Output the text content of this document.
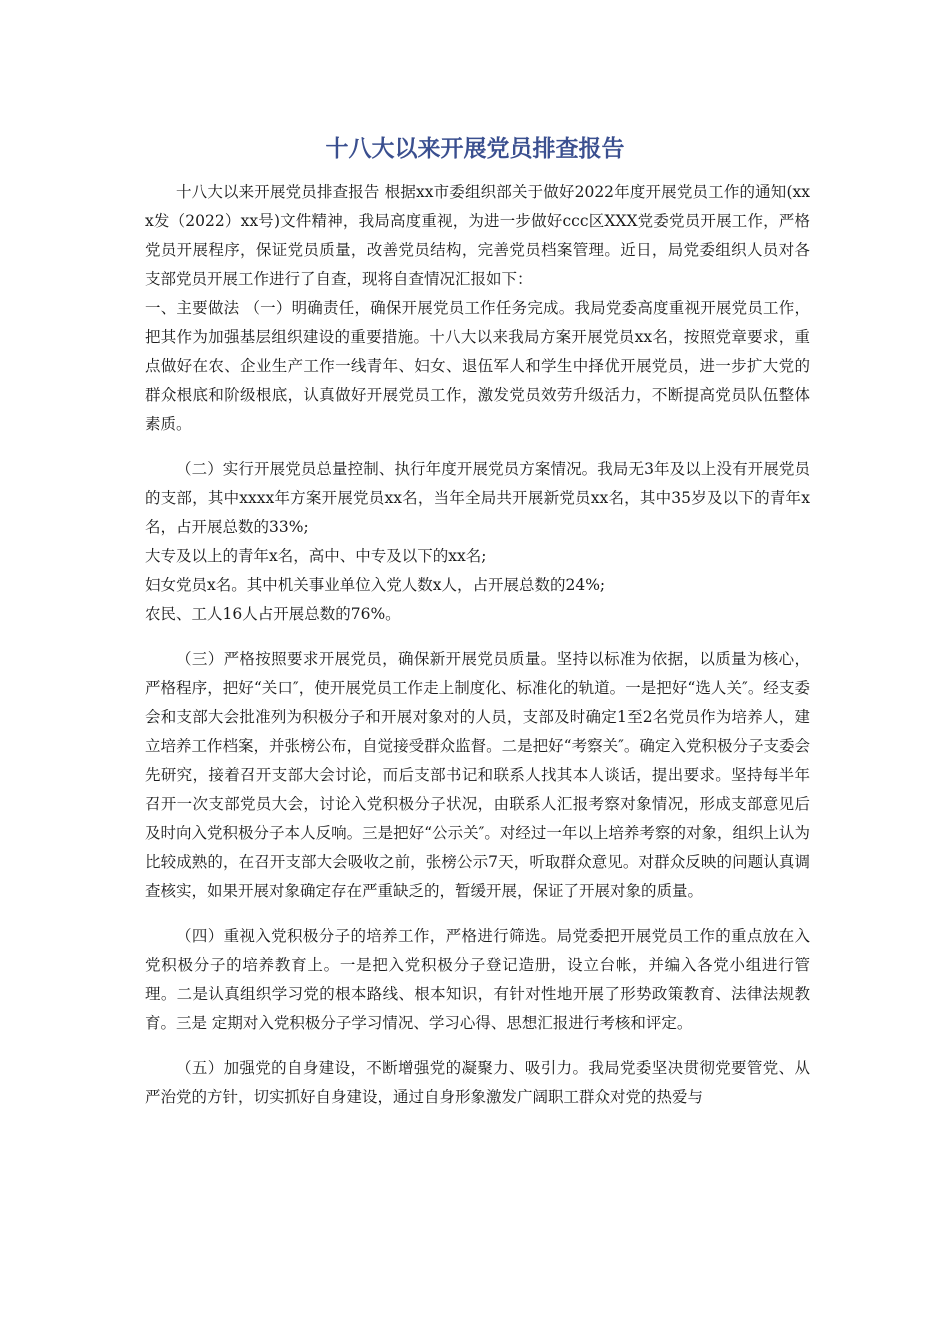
十八大以来开展党员排查报告

十八大以来开展党员排查报告 根据xx市委组织部关于做好2022年度开展党员工作的通知(xxx发（2022）xx号)文件精神，我局高度重视，为进一步做好ccc区XXX党委党员开展工作，严格党员开展程序，保证党员质量，改善党员结构，完善党员档案管理。近日，局党委组织人员对各支部党员开展工作进行了自查，现将自查情况汇报如下：

一、主要做法 （一）明确责任，确保开展党员工作任务完成。我局党委高度重视开展党员工作，把其作为加强基层组织建设的重要措施。十八大以来我局方案开展党员xx名，按照党章要求，重点做好在农、企业生产工作一线青年、妇女、退伍军人和学生中择优开展党员，进一步扩大党的群众根底和阶级根底，认真做好开展党员工作，激发党员效劳升级活力，不断提高党员队伍整体素质。

（二）实行开展党员总量控制、执行年度开展党员方案情况。我局无3年及以上没有开展党员的支部，其中xxxx年方案开展党员xx名，当年全局共开展新党员xx名，其中35岁及以下的青年x名，占开展总数的33%;

大专及以上的青年x名，高中、中专及以下的xx名;

妇女党员x名。其中机关事业单位入党人数x人，占开展总数的24%;

农民、工人16人占开展总数的76%。

（三）严格按照要求开展党员，确保新开展党员质量。坚持以标准为依据，以质量为核心，严格程序，把好“关口″，使开展党员工作走上制度化、标准化的轨道。一是把好“选人关″。经支委会和支部大会批准列为积极分子和开展对象对的人员，支部及时确定1至2名党员作为培养人，建立培养工作档案，并张榜公布，自觉接受群众监督。二是把好“考察关″。确定入党积极分子支委会先研究，接着召开支部大会讨论，而后支部书记和联系人找其本人谈话，提出要求。坚持每半年召开一次支部党员大会，讨论入党积极分子状况，由联系人汇报考察对象情况，形成支部意见后及时向入党积极分子本人反响。三是把好“公示关″。对经过一年以上培养考察的对象，组织上认为比较成熟的，在召开支部大会吸收之前，张榜公示7天，听取群众意见。对群众反映的问题认真调查核实，如果开展对象确定存在严重缺乏的，暂缓开展，保证了开展对象的质量。

（四）重视入党积极分子的培养工作，严格进行筛选。局党委把开展党员工作的重点放在入党积极分子的培养教育上。一是把入党积极分子登记造册，设立台帐，并编入各党小组进行管理。二是认真组织学习党的根本路线、根本知识，有针对性地开展了形势政策教育、法律法规教育。三是 定期对入党积极分子学习情况、学习心得、思想汇报进行考核和评定。

（五）加强党的自身建设，不断增强党的凝聚力、吸引力。我局党委坚决贯彻党要管党、从严治党的方针，切实抓好自身建设，通过自身形象激发广阔职工群众对党的热爱与
